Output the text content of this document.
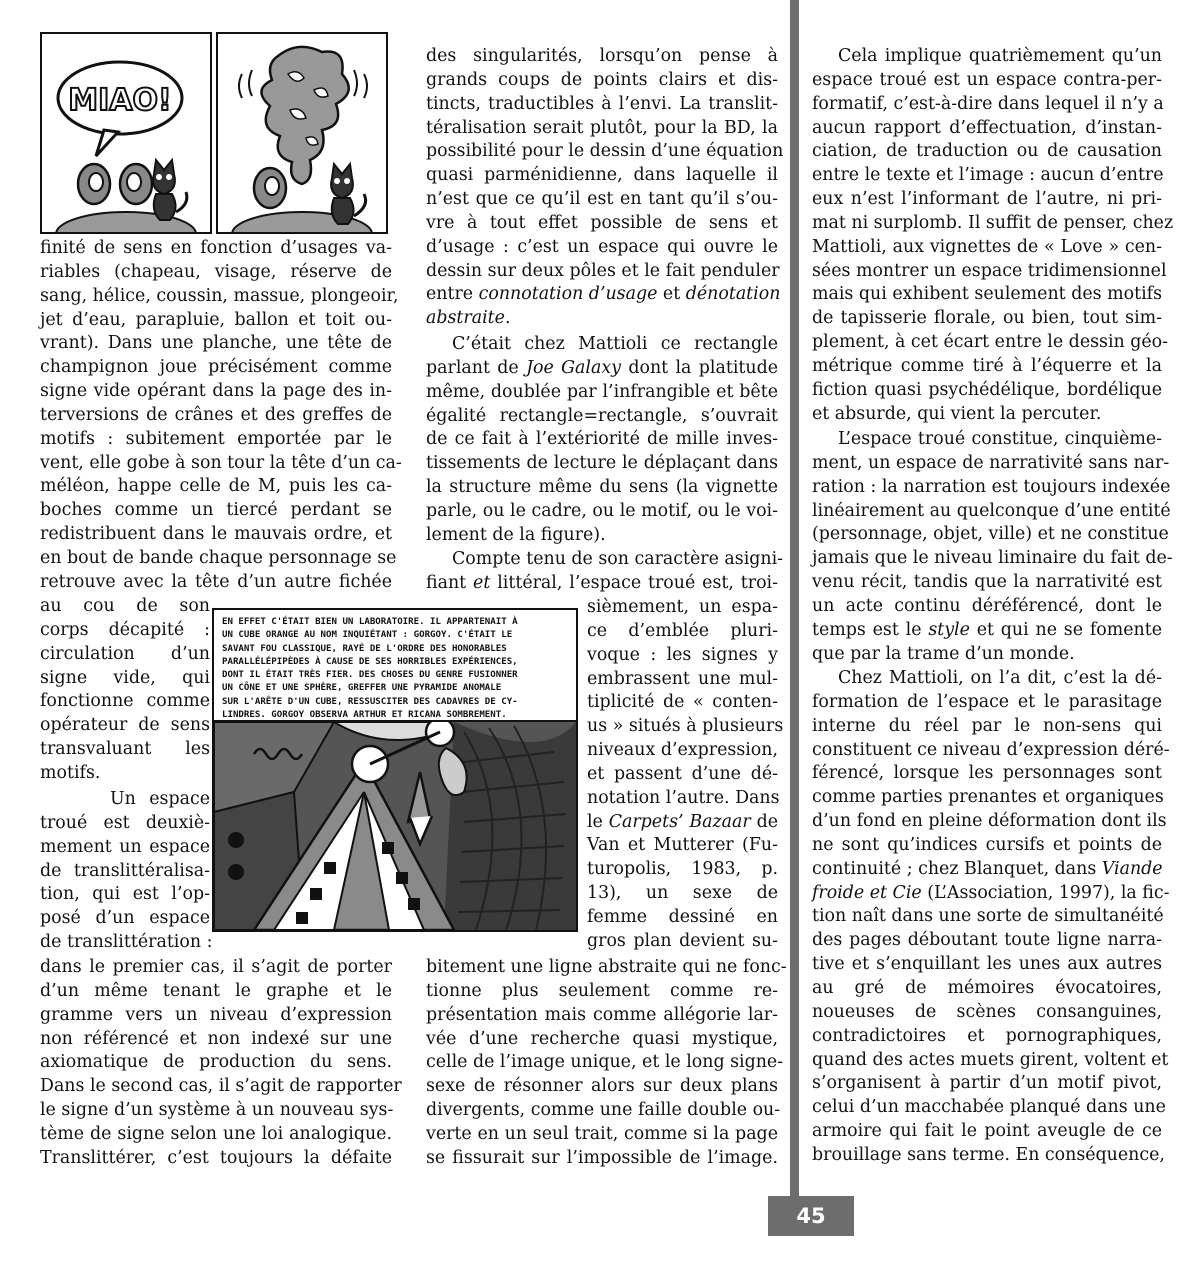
MIAO!
finité de sens en fonction d’usages va-
riables (chapeau, visage, réserve de
sang, hélice, coussin, massue, plongeoir,
jet d’eau, parapluie, ballon et toit ou-
vrant). Dans une planche, une tête de
champignon joue précisément comme
signe vide opérant dans la page des in-
terversions de crânes et des greffes de
motifs : subitement emportée par le
vent, elle gobe à son tour la tête d’un ca-
méléon, happe celle de M, puis les ca-
boches comme un tiercé perdant se
redistribuent dans le mauvais ordre, et
en bout de bande chaque personnage se
retrouve avec la tête d’un autre fichée
au cou de son
corps décapité :
circulation d’un
signe vide, qui
fonctionne comme
opérateur de sens
transvaluant les
motifs.
Un espace
troué est deuxiè-
mement un espace
de translittéralisa-
tion, qui est l’op-
posé d’un espace
de translittération :
dans le premier cas, il s’agit de porter
d’un même tenant le graphe et le
gramme vers un niveau d’expression
non référencé et non indexé sur une
axiomatique de production du sens.
Dans le second cas, il s’agit de rapporter
le signe d’un système à un nouveau sys-
tème de signe selon une loi analogique.
Translittérer, c’est toujours la défaite
EN EFFET C'ÉTAIT BIEN UN LABORATOIRE. IL APPARTENAIT À
UN CUBE ORANGE AU NOM INQUIÉTANT : GORGOY. C'ÉTAIT LE
SAVANT FOU CLASSIQUE, RAYÉ DE L'ORDRE DES HONORABLES
PARALLÉLÉPIPÈDES À CAUSE DE SES HORRIBLES EXPÉRIENCES,
DONT IL ÉTAIT TRÈS FIER. DES CHOSES DU GENRE FUSIONNER
UN CÔNE ET UNE SPHÈRE, GREFFER UNE PYRAMIDE ANOMALE
SUR L'ARÊTE D'UN CUBE, RESSUSCITER DES CADAVRES DE CY-
LINDRES. GORGOY OBSERVA ARTHUR ET RICANA SOMBREMENT.
des singularités, lorsqu’on pense à
grands coups de points clairs et dis-
tincts, traductibles à l’envi. La translit-
téralisation serait plutôt, pour la BD, la
possibilité pour le dessin d’une équation
quasi parménidienne, dans laquelle il
n’est que ce qu’il est en tant qu’il s’ou-
vre à tout effet possible de sens et
d’usage : c’est un espace qui ouvre le
dessin sur deux pôles et le fait penduler
entre connotation d’usage et dénotation
abstraite.
C’était chez Mattioli ce rectangle
parlant de Joe Galaxy dont la platitude
même, doublée par l’infrangible et bête
égalité rectangle=rectangle, s’ouvrait
de ce fait à l’extériorité de mille inves-
tissements de lecture le déplaçant dans
la structure même du sens (la vignette
parle, ou le cadre, ou le motif, ou le voi-
lement de la figure).
Compte tenu de son caractère asigni-
fiant et littéral, l’espace troué est, troi-
sièmement, un espa-
ce d’emblée pluri-
voque : les signes y
embrassent une mul-
tiplicité de « conten-
us » situés à plusieurs
niveaux d’expression,
et passent d’une dé-
notation l’autre. Dans
le Carpets’ Bazaar de
Van et Mutterer (Fu-
turopolis, 1983, p.
13), un sexe de
femme dessiné en
gros plan devient su-
bitement une ligne abstraite qui ne fonc-
tionne plus seulement comme re-
présentation mais comme allégorie lar-
vée d’une recherche quasi mystique,
celle de l’image unique, et le long signe-
sexe de résonner alors sur deux plans
divergents, comme une faille double ou-
verte en un seul trait, comme si la page
se fissurait sur l’impossible de l’image.
Cela implique quatrièmement qu’un
espace troué est un espace contra-per-
formatif, c’est-à-dire dans lequel il n’y a
aucun rapport d’effectuation, d’instan-
ciation, de traduction ou de causation
entre le texte et l’image : aucun d’entre
eux n’est l’informant de l’autre, ni pri-
mat ni surplomb. Il suffit de penser, chez
Mattioli, aux vignettes de « Love » cen-
sées montrer un espace tridimensionnel
mais qui exhibent seulement des motifs
de tapisserie florale, ou bien, tout sim-
plement, à cet écart entre le dessin géo-
métrique comme tiré à l’équerre et la
fiction quasi psychédélique, bordélique
et absurde, qui vient la percuter.
L’espace troué constitue, cinquième-
ment, un espace de narrativité sans nar-
ration : la narration est toujours indexée
linéairement au quelconque d’une entité
(personnage, objet, ville) et ne constitue
jamais que le niveau liminaire du fait de-
venu récit, tandis que la narrativité est
un acte continu déréférencé, dont le
temps est le style et qui ne se fomente
que par la trame d’un monde.
Chez Mattioli, on l’a dit, c’est la dé-
formation de l’espace et le parasitage
interne du réel par le non-sens qui
constituent ce niveau d’expression déré-
férencé, lorsque les personnages sont
comme parties prenantes et organiques
d’un fond en pleine déformation dont ils
ne sont qu’indices cursifs et points de
continuité ; chez Blanquet, dans Viande
froide et Cie (L’Association, 1997), la fic-
tion naît dans une sorte de simultanéité
des pages déboutant toute ligne narra-
tive et s’enquillant les unes aux autres
au gré de mémoires évocatoires,
noueuses de scènes consanguines,
contradictoires et pornographiques,
quand des actes muets girent, voltent et
s’organisent à partir d’un motif pivot,
celui d’un macchabée planqué dans une
armoire qui fait le point aveugle de ce
brouillage sans terme. En conséquence,
45
